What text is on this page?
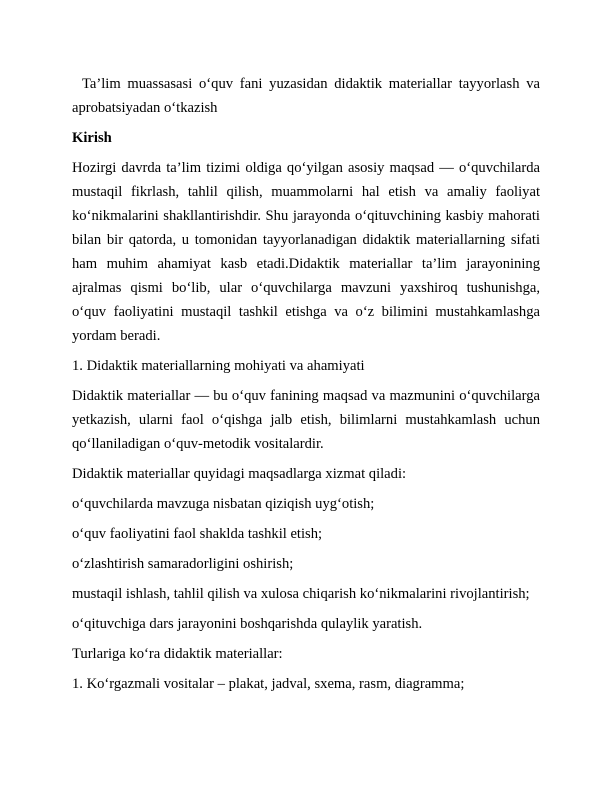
Ta’lim muassasasi o‘quv fani yuzasidan didaktik materiallar tayyorlash va aprobatsiyadan o‘tkazish

Kirish

Hozirgi davrda ta’lim tizimi oldiga qo‘yilgan asosiy maqsad — o‘quvchilarda mustaqil fikrlash, tahlil qilish, muammolarni hal etish va amaliy faoliyat ko‘nikmalarini shakllantirishdir. Shu jarayonda o‘qituvchining kasbiy mahorati bilan bir qatorda, u tomonidan tayyorlanadigan didaktik materiallarning sifati ham muhim ahamiyat kasb etadi.Didaktik materiallar ta’lim jarayonining ajralmas qismi bo‘lib, ular o‘quvchilarga mavzuni yaxshiroq tushunishga, o‘quv faoliyatini mustaqil tashkil etishga va o‘z bilimini mustahkamlashga yordam beradi.

1. Didaktik materiallarning mohiyati va ahamiyati

Didaktik materiallar — bu o‘quv fanining maqsad va mazmunini o‘quvchilarga yetkazish, ularni faol o‘qishga jalb etish, bilimlarni mustahkamlash uchun qo‘llaniladigan o‘quv-metodik vositalardir.

Didaktik materiallar quyidagi maqsadlarga xizmat qiladi:

o‘quvchilarda mavzuga nisbatan qiziqish uyg‘otish;

o‘quv faoliyatini faol shaklda tashkil etish;

o‘zlashtirish samaradorligini oshirish;

mustaqil ishlash, tahlil qilish va xulosa chiqarish ko‘nikmalarini rivojlantirish;

o‘qituvchiga dars jarayonini boshqarishda qulaylik yaratish.

Turlariga ko‘ra didaktik materiallar:

1. Ko‘rgazmali vositalar – plakat, jadval, sxema, rasm, diagramma;
